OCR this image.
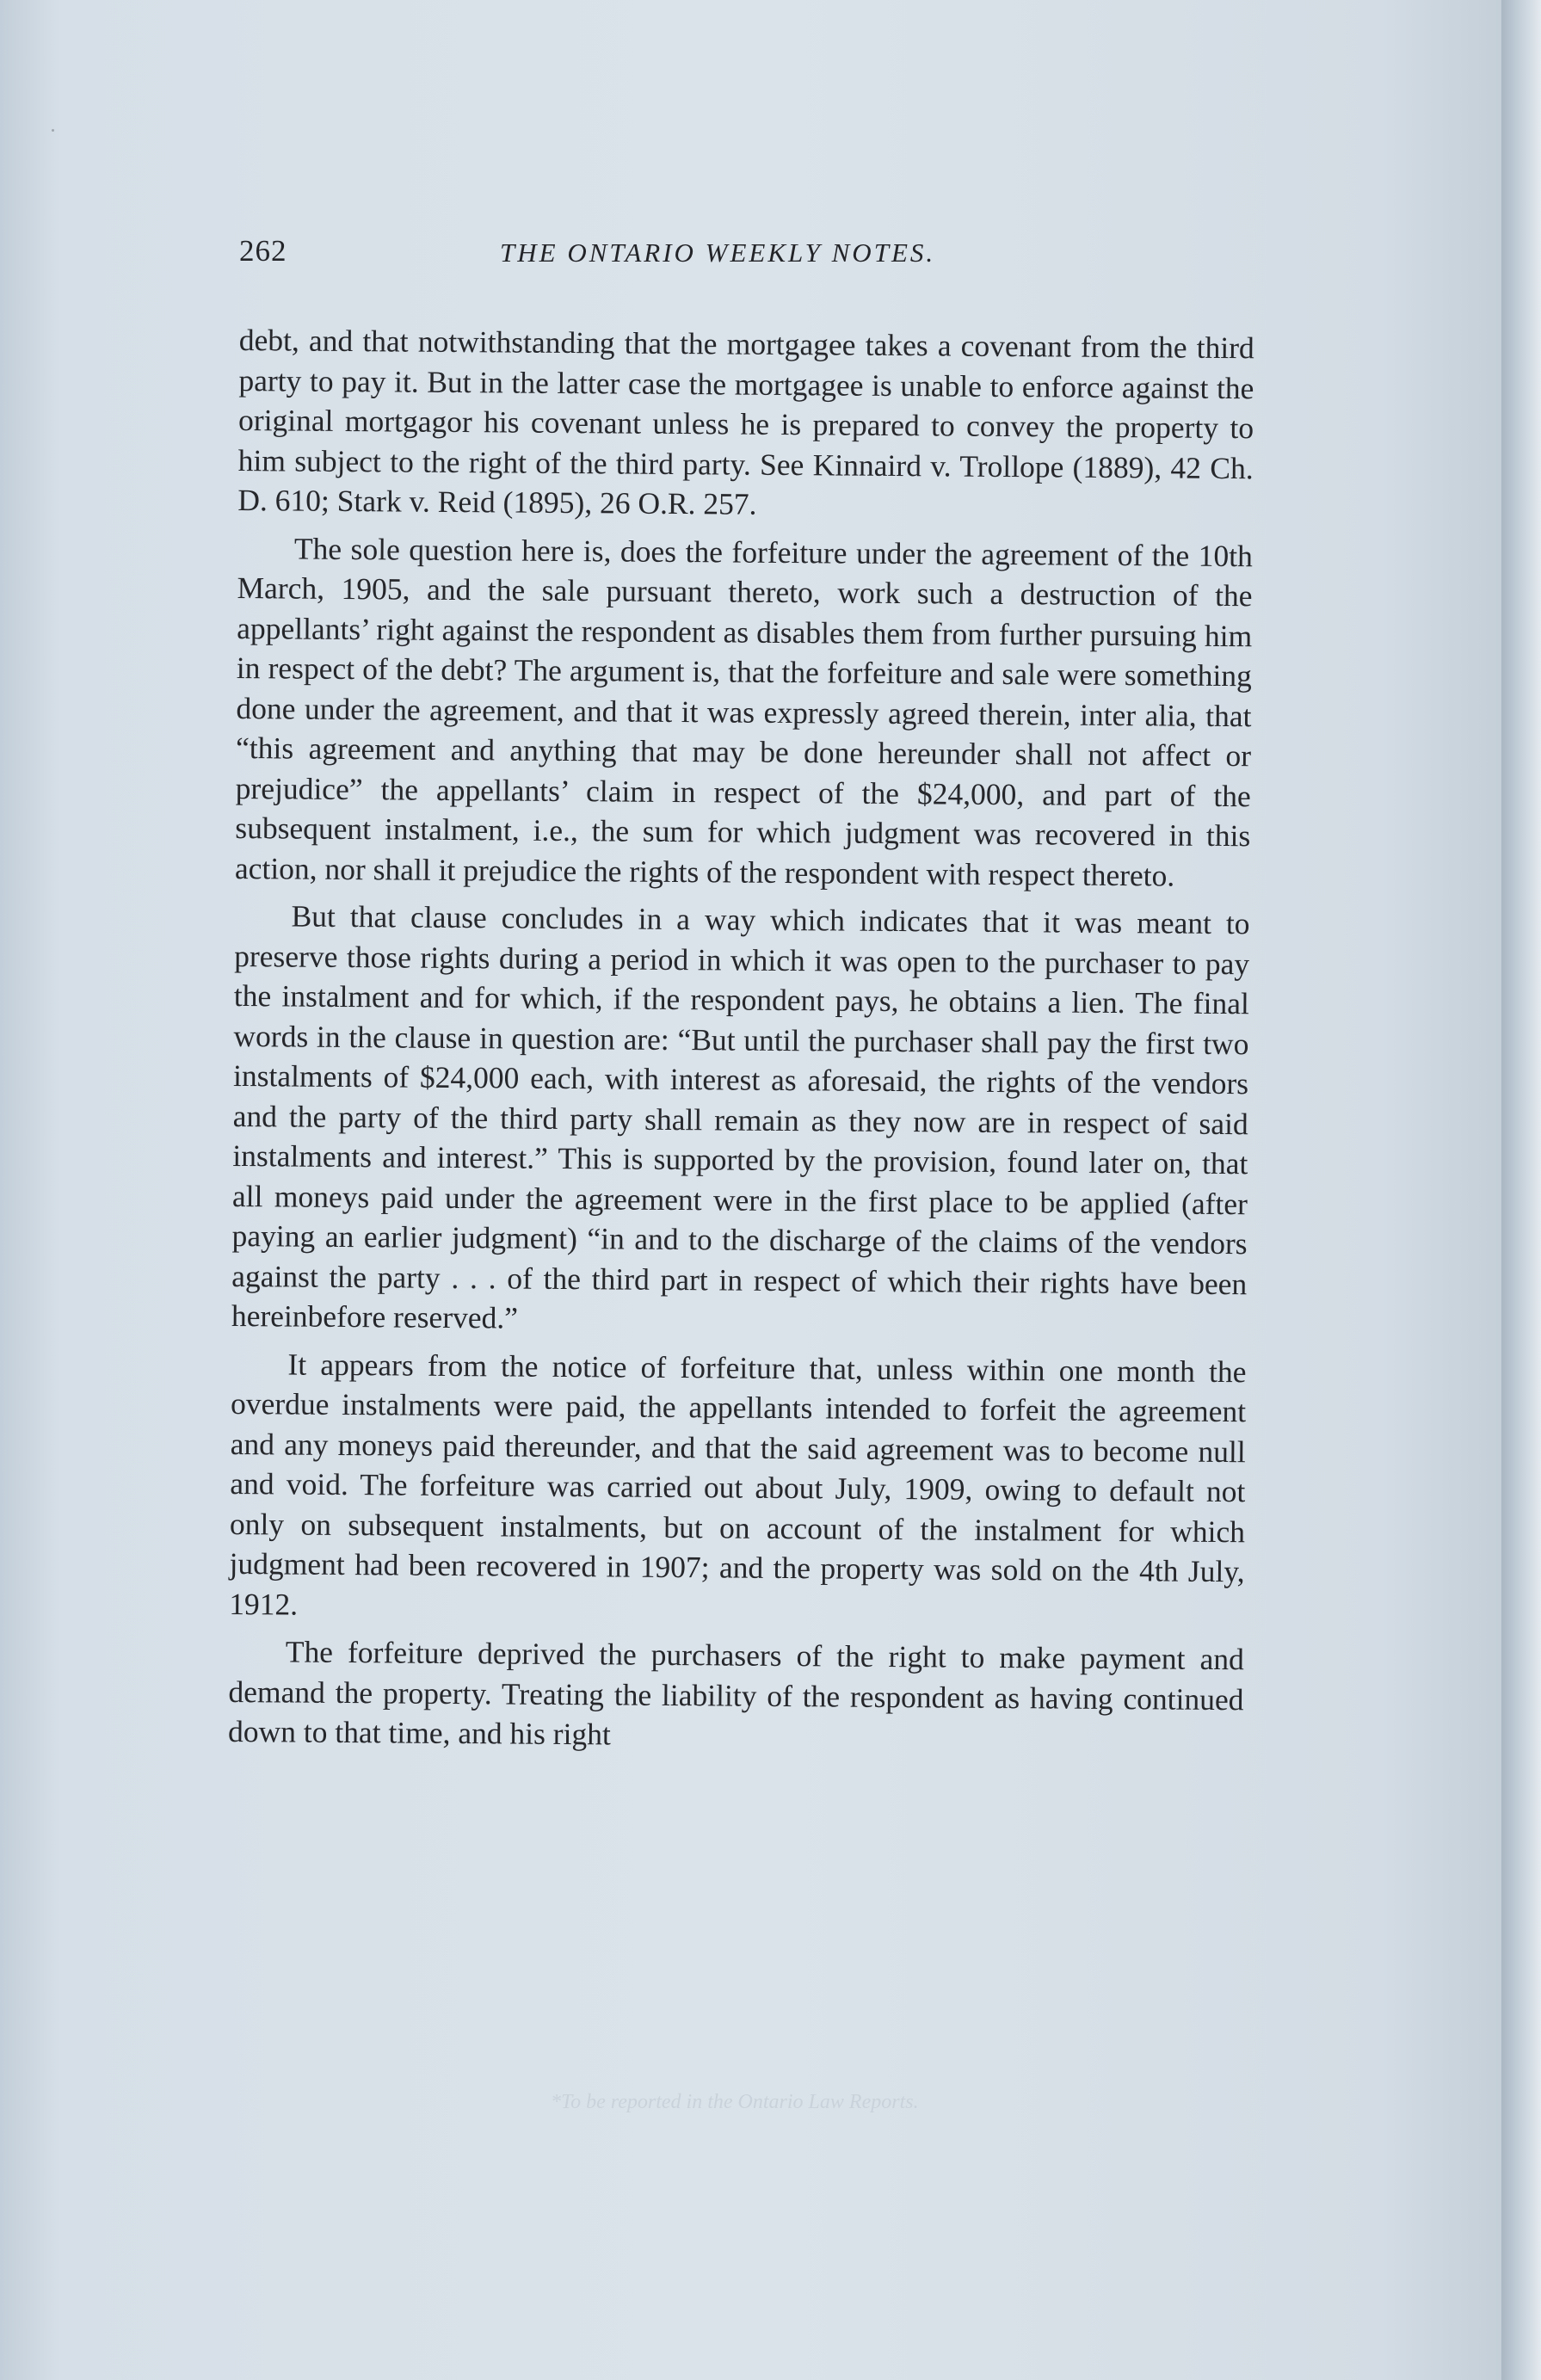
262	THE ONTARIO WEEKLY NOTES.

debt, and that notwithstanding that the mortgagee takes a covenant from the third party to pay it. But in the latter case the mortgagee is unable to enforce against the original mortgagor his covenant unless he is prepared to convey the property to him subject to the right of the third party. See Kinnaird v. Trollope (1889), 42 Ch. D. 610; Stark v. Reid (1895), 26 O.R. 257.

The sole question here is, does the forfeiture under the agreement of the 10th March, 1905, and the sale pursuant thereto, work such a destruction of the appellants’ right against the respondent as disables them from further pursuing him in respect of the debt? The argument is, that the forfeiture and sale were something done under the agreement, and that it was expressly agreed therein, inter alia, that “this agreement and anything that may be done hereunder shall not affect or prejudice” the appellants’ claim in respect of the $24,000, and part of the subsequent instalment, i.e., the sum for which judgment was recovered in this action, nor shall it prejudice the rights of the respondent with respect thereto.

But that clause concludes in a way which indicates that it was meant to preserve those rights during a period in which it was open to the purchaser to pay the instalment and for which, if the respondent pays, he obtains a lien. The final words in the clause in question are: “But until the purchaser shall pay the first two instalments of $24,000 each, with interest as aforesaid, the rights of the vendors and the party of the third party shall remain as they now are in respect of said instalments and interest.” This is supported by the provision, found later on, that all moneys paid under the agreement were in the first place to be applied (after paying an earlier judgment) “in and to the discharge of the claims of the vendors against the party . . . of the third part in respect of which their rights have been hereinbefore reserved.”

It appears from the notice of forfeiture that, unless within one month the overdue instalments were paid, the appellants intended to forfeit the agreement and any moneys paid thereunder, and that the said agreement was to become null and void. The forfeiture was carried out about July, 1909, owing to default not only on subsequent instalments, but on account of the instalment for which judgment had been recovered in 1907; and the property was sold on the 4th July, 1912.

The forfeiture deprived the purchasers of the right to make payment and demand the property. Treating the liability of the respondent as having continued down to that time, and his right

*To be reported in the Ontario Law Reports.
